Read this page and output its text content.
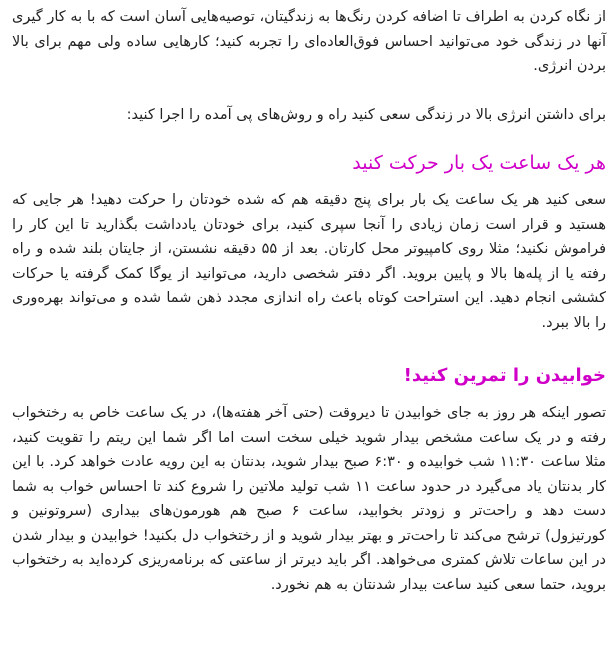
از نگاه کردن به اطراف تا اضافه کردن رنگ‌ها به زندگیتان، توصیه‌هایی آسان است که با به کار گیری آنها در زندگی خود می‌توانید احساس فوق‌العاده‌ای را تجربه کنید؛ کارهایی ساده ولی مهم برای بالا بردن انرژی.

برای داشتن انرژی بالا در زندگی سعی کنید راه و روش‌های پی آمده را اجرا کنید:

هر یک ساعت یک بار حرکت کنید

سعی کنید هر یک ساعت یک بار برای پنج دقیقه هم که شده خودتان را حرکت دهید! هر جایی که هستید و قرار است زمان زیادی را آنجا سپری کنید، برای خودتان یادداشت بگذارید تا این کار را فراموش نکنید؛ مثلا روی کامپیوتر محل کارتان. بعد از ۵۵ دقیقه نشستن، از جایتان بلند شده و راه رفته یا از پله‌ها بالا و پایین بروید. اگر دفتر شخصی دارید، می‌توانید از یوگا کمک گرفته یا حرکات کششی انجام دهید. این استراحت کوتاه باعث راه اندازی مجدد ذهن شما شده و می‌تواند بهره‌وری را بالا ببرد.

خوابیدن را تمرین کنید!

تصور اینکه هر روز به جای خوابیدن تا دیروقت (حتی آخر هفته‌ها)، در یک ساعت خاص به رختخواب رفته و در یک ساعت مشخص بیدار شوید خیلی سخت است اما اگر شما این ریتم را تقویت کنید، مثلا ساعت ۱۱:۳۰ شب خوابیده و ۶:۳۰ صبح بیدار شوید، بدنتان به این رویه عادت خواهد کرد. با این کار بدنتان یاد می‌گیرد در حدود ساعت ۱۱ شب تولید ملاتین را شروع کند تا احساس خواب به شما دست دهد و راحت‌تر و زودتر بخوابید، ساعت ۶ صبح هم هورمون‌های بیداری (سروتونین و کورتیزول) ترشح می‌کند تا راحت‌تر و بهتر بیدار شوید و از رختخواب دل بکنید! خوابیدن و بیدار شدن در این ساعات تلاش کمتری می‌خواهد. اگر باید دیرتر از ساعتی که برنامه‌ریزی کرده‌اید به رختخواب بروید، حتما سعی کنید ساعت بیدار شدنتان به هم نخورد.
